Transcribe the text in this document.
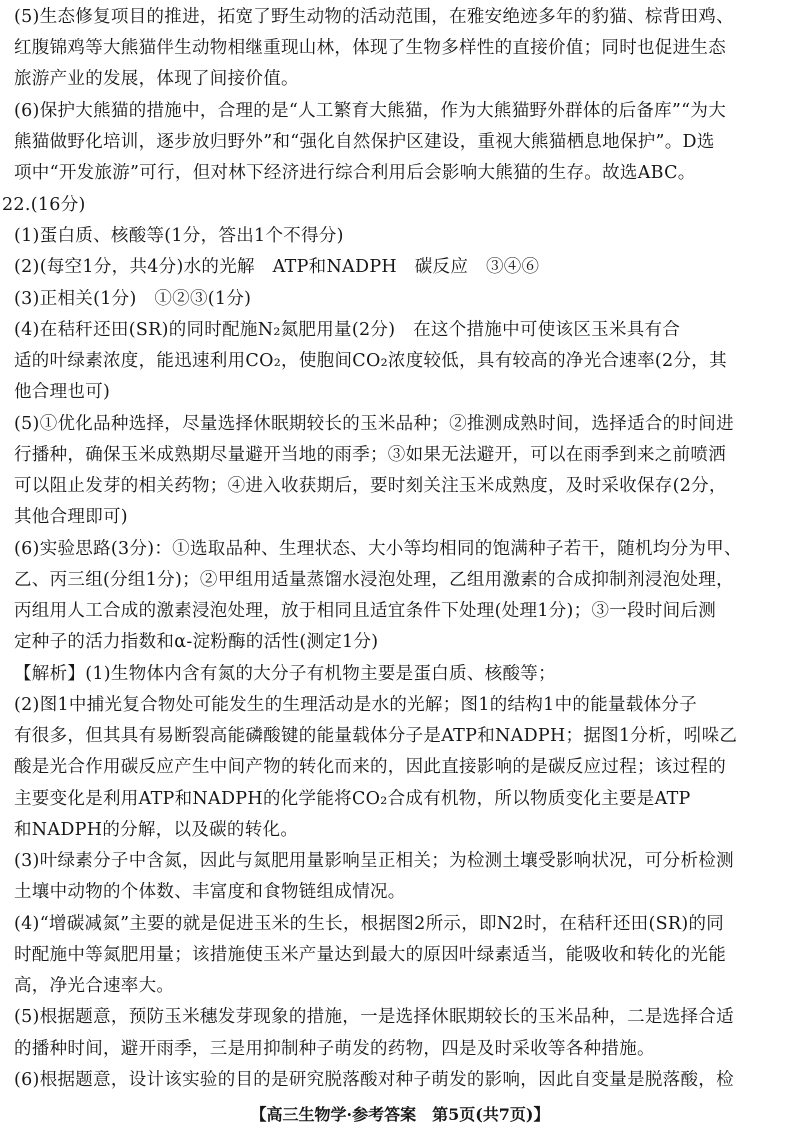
(5)生态修复项目的推进，拓宽了野生动物的活动范围，在雅安绝迹多年的豹猫、棕背田鸡、
红腹锦鸡等大熊猫伴生动物相继重现山林，体现了生物多样性的直接价值；同时也促进生态
旅游产业的发展，体现了间接价值。
(6)保护大熊猫的措施中，合理的是“人工繁育大熊猫，作为大熊猫野外群体的后备库”“为大
熊猫做野化培训，逐步放归野外”和“强化自然保护区建设，重视大熊猫栖息地保护”。D选
项中“开发旅游”可行，但对林下经济进行综合利用后会影响大熊猫的生存。故选ABC。
22.(16分)
(1)蛋白质、核酸等(1分，答出1个不得分)
(2)(每空1分，共4分)水的光解　ATP和NADPH　碳反应　③④⑥
(3)正相关(1分)　①②③(1分)
(4)在秸秆还田(SR)的同时配施N₂氮肥用量(2分)　在这个措施中可使该区玉米具有合
适的叶绿素浓度，能迅速利用CO₂，使胞间CO₂浓度较低，具有较高的净光合速率(2分，其
他合理也可)
(5)①优化品种选择，尽量选择休眠期较长的玉米品种；②推测成熟时间，选择适合的时间进
行播种，确保玉米成熟期尽量避开当地的雨季；③如果无法避开，可以在雨季到来之前喷洒
可以阻止发芽的相关药物；④进入收获期后，要时刻关注玉米成熟度，及时采收保存(2分，
其他合理即可)
(6)实验思路(3分)：①选取品种、生理状态、大小等均相同的饱满种子若干，随机均分为甲、
乙、丙三组(分组1分)；②甲组用适量蒸馏水浸泡处理，乙组用激素的合成抑制剂浸泡处理，
丙组用人工合成的激素浸泡处理，放于相同且适宜条件下处理(处理1分)；③一段时间后测
定种子的活力指数和α-淀粉酶的活性(测定1分)
【解析】(1)生物体内含有氮的大分子有机物主要是蛋白质、核酸等；
(2)图1中捕光复合物处可能发生的生理活动是水的光解；图1的结构1中的能量载体分子
有很多，但其具有易断裂高能磷酸键的能量载体分子是ATP和NADPH；据图1分析，吲哚乙
酸是光合作用碳反应产生中间产物的转化而来的，因此直接影响的是碳反应过程；该过程的
主要变化是利用ATP和NADPH的化学能将CO₂合成有机物，所以物质变化主要是ATP
和NADPH的分解，以及碳的转化。
(3)叶绿素分子中含氮，因此与氮肥用量影响呈正相关；为检测土壤受影响状况，可分析检测
土壤中动物的个体数、丰富度和食物链组成情况。
(4)“增碳减氮”主要的就是促进玉米的生长，根据图2所示，即N2时，在秸秆还田(SR)的同
时配施中等氮肥用量；该措施使玉米产量达到最大的原因叶绿素适当，能吸收和转化的光能
高，净光合速率大。
(5)根据题意，预防玉米穗发芽现象的措施，一是选择休眠期较长的玉米品种，二是选择合适
的播种时间，避开雨季，三是用抑制种子萌发的药物，四是及时采收等各种措施。
(6)根据题意，设计该实验的目的是研究脱落酸对种子萌发的影响，因此自变量是脱落酸，检
【高三生物学·参考答案　第5页(共7页)】
